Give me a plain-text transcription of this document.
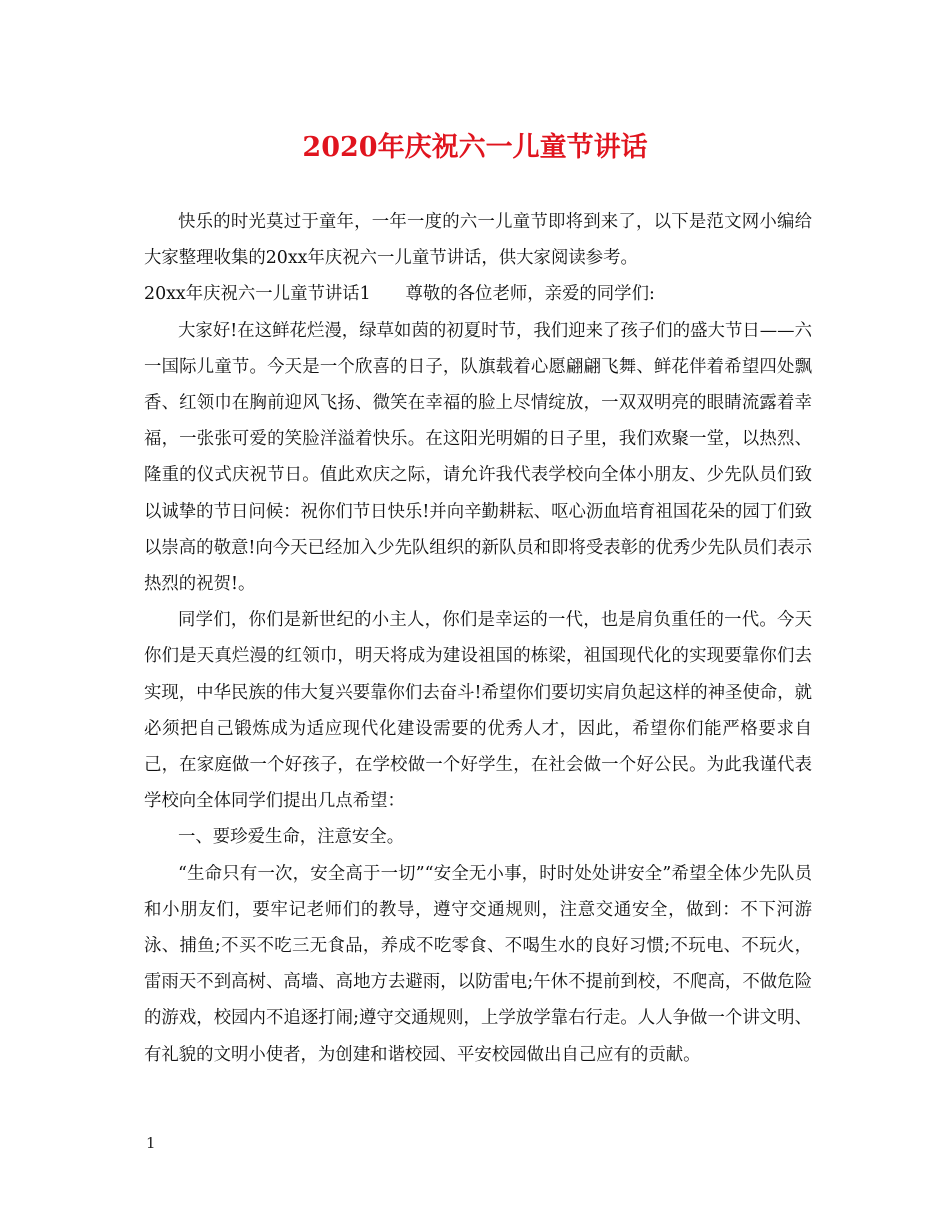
2020年庆祝六一儿童节讲话

快乐的时光莫过于童年，一年一度的六一儿童节即将到来了，以下是范文网小编给大家整理收集的20xx年庆祝六一儿童节讲话，供大家阅读参考。

20xx年庆祝六一儿童节讲话1　　尊敬的各位老师，亲爱的同学们:

大家好!在这鲜花烂漫，绿草如茵的初夏时节，我们迎来了孩子们的盛大节日——六一国际儿童节。今天是一个欣喜的日子，队旗载着心愿翩翩飞舞、鲜花伴着希望四处飘香、红领巾在胸前迎风飞扬、微笑在幸福的脸上尽情绽放，一双双明亮的眼睛流露着幸福，一张张可爱的笑脸洋溢着快乐。在这阳光明媚的日子里，我们欢聚一堂，以热烈、隆重的仪式庆祝节日。值此欢庆之际，请允许我代表学校向全体小朋友、少先队员们致以诚挚的节日问候：祝你们节日快乐!并向辛勤耕耘、呕心沥血培育祖国花朵的园丁们致以崇高的敬意!向今天已经加入少先队组织的新队员和即将受表彰的优秀少先队员们表示热烈的祝贺!。

同学们，你们是新世纪的小主人，你们是幸运的一代，也是肩负重任的一代。今天你们是天真烂漫的红领巾，明天将成为建设祖国的栋梁，祖国现代化的实现要靠你们去实现，中华民族的伟大复兴要靠你们去奋斗!希望你们要切实肩负起这样的神圣使命，就必须把自己锻炼成为适应现代化建设需要的优秀人才，因此，希望你们能严格要求自己，在家庭做一个好孩子，在学校做一个好学生，在社会做一个好公民。为此我谨代表学校向全体同学们提出几点希望：

一、要珍爱生命，注意安全。

“生命只有一次，安全高于一切”“安全无小事，时时处处讲安全”希望全体少先队员和小朋友们，要牢记老师们的教导，遵守交通规则，注意交通安全，做到：不下河游泳、捕鱼;不买不吃三无食品，养成不吃零食、不喝生水的良好习惯;不玩电、不玩火，雷雨天不到高树、高墙、高地方去避雨，以防雷电;午休不提前到校，不爬高，不做危险的游戏，校园内不追逐打闹;遵守交通规则，上学放学靠右行走。人人争做一个讲文明、有礼貌的文明小使者，为创建和谐校园、平安校园做出自己应有的贡献。

1
